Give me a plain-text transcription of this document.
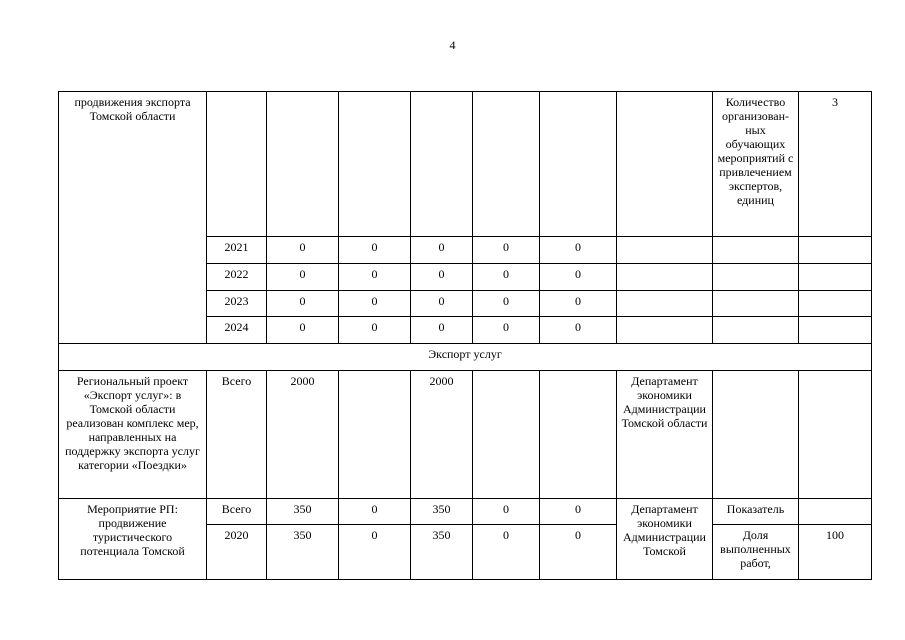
4
продвижения экспорта Томской области								Количество организован-ных обучающих мероприятий с привлечением экспертов, единиц	3
	2021	0	0	0	0	0			
	2022	0	0	0	0	0			
	2023	0	0	0	0	0			
	2024	0	0	0	0	0			
Экспорт услуг									
Региональный проект «Экспорт услуг»: в Томской области реализован комплекс мер, направленных на поддержку экспорта услуг категории «Поездки»	Всего	2000		2000			Департамент экономики Администрации Томской области		
Мероприятие РП: продвижение туристического потенциала Томской	Всего	350	0	350	0	0	Департамент экономики Администрации Томской	Показатель	
	2020	350	0	350	0	0		Доля выполненных работ,	100
